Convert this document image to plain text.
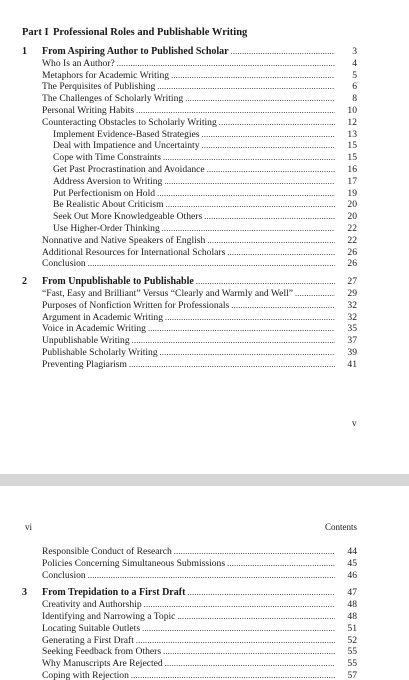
Part I Professional Roles and Publishable Writing
1 From Aspiring Author to Published Scholar .....	3
Who Is an Author? .....	4
Metaphors for Academic Writing .....	5
The Perquisites of Publishing .....	6
The Challenges of Scholarly Writing .....	8
Personal Writing Habits .....	10
Counteracting Obstacles to Scholarly Writing .....	12
Implement Evidence-Based Strategies .....	13
Deal with Impatience and Uncertainty .....	15
Cope with Time Constraints .....	15
Get Past Procrastination and Avoidance .....	16
Address Aversion to Writing .....	17
Put Perfectionism on Hold .....	19
Be Realistic About Criticism .....	20
Seek Out More Knowledgeable Others .....	20
Use Higher-Order Thinking .....	22
Nonnative and Native Speakers of English .....	22
Additional Resources for International Scholars .....	26
Conclusion .....	26
2 From Unpublishable to Publishable .....	27
“Fast, Easy and Brilliant” Versus “Clearly and Warmly and Well” .....	29
Purposes of Nonfiction Written for Professionals .....	32
Argument in Academic Writing .....	32
Voice in Academic Writing .....	35
Unpublishable Writing .....	37
Publishable Scholarly Writing .....	39
Preventing Plagiarism .....	41
v
vi	Contents
Responsible Conduct of Research .....	44
Policies Concerning Simultaneous Submissions .....	45
Conclusion .....	46
3 From Trepidation to a First Draft .....	47
Creativity and Authorship .....	48
Identifying and Narrowing a Topic .....	48
Locating Suitable Outlets .....	51
Generating a First Draft .....	52
Seeking Feedback from Others .....	55
Why Manuscripts Are Rejected .....	55
Coping with Rejection .....	57
